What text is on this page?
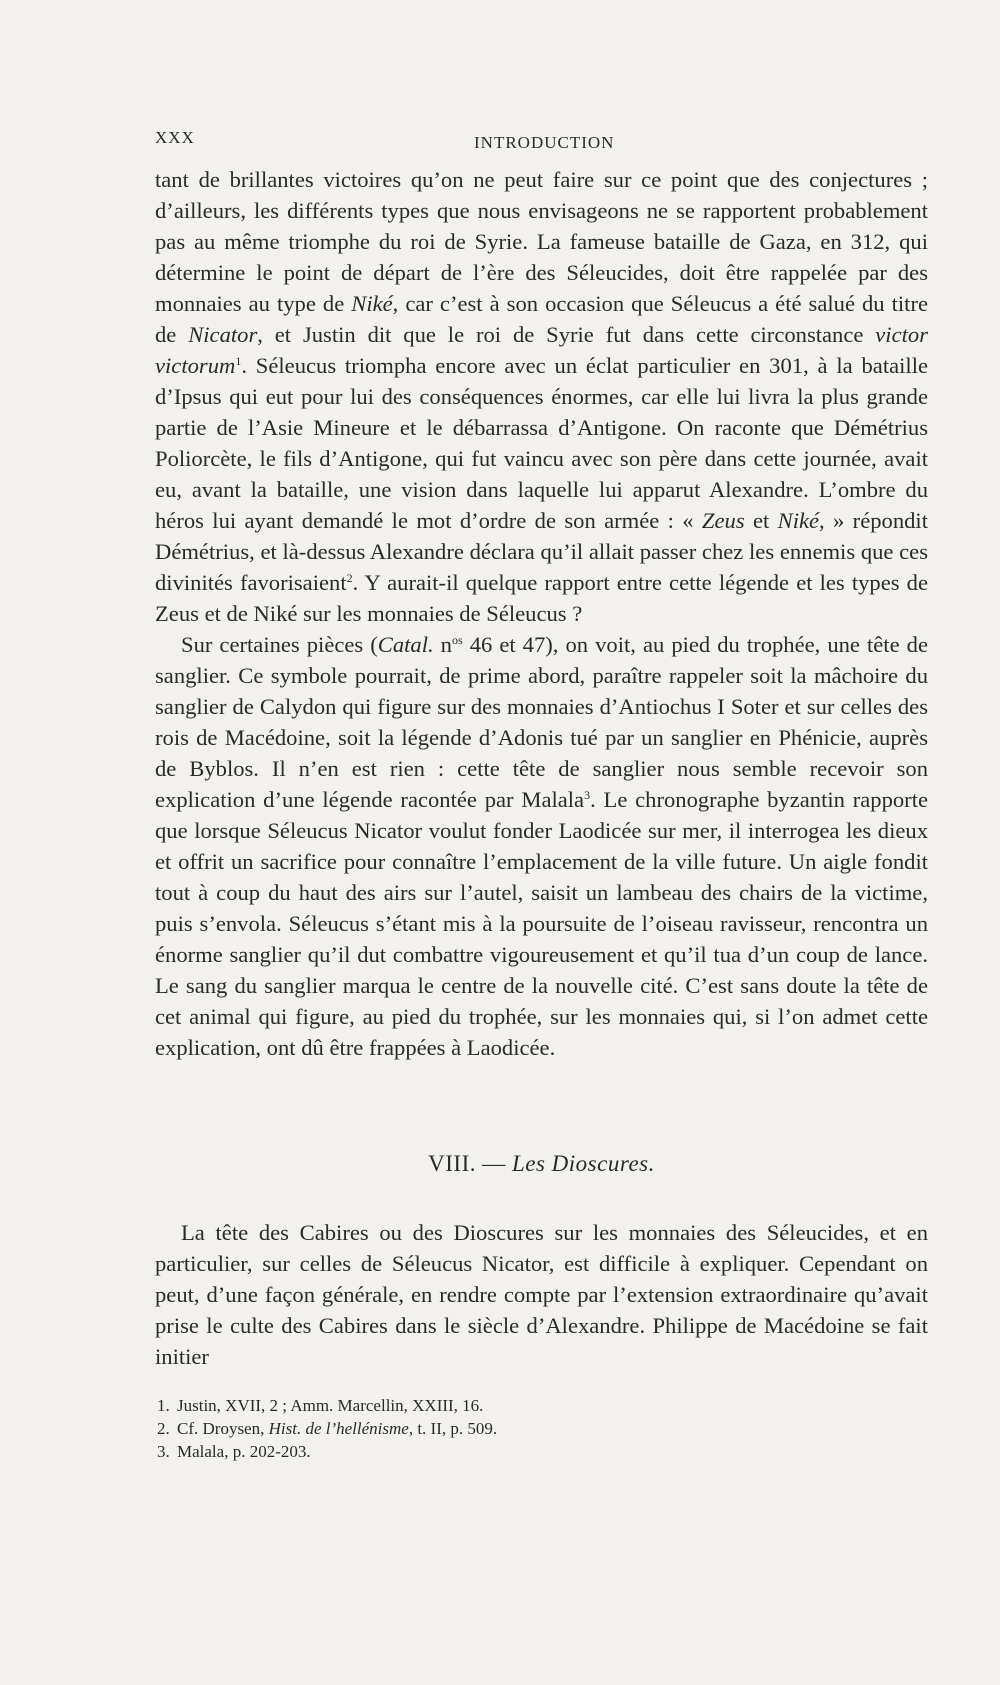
XXX	INTRODUCTION

tant de brillantes victoires qu’on ne peut faire sur ce point que des conjectures ; d’ailleurs, les différents types que nous envisageons ne se rapportent probablement pas au même triomphe du roi de Syrie. La fameuse bataille de Gaza, en 312, qui détermine le point de départ de l’ère des Séleucides, doit être rappelée par des monnaies au type de Niké, car c’est à son occasion que Séleucus a été salué du titre de Nicator, et Justin dit que le roi de Syrie fut dans cette circonstance victor victorum$^1$. Séleucus triompha encore avec un éclat particulier en 301, à la bataille d’Ipsus qui eut pour lui des conséquences énormes, car elle lui livra la plus grande partie de l’Asie Mineure et le débarrassa d’Antigone. On raconte que Démétrius Poliorcète, le fils d’Antigone, qui fut vaincu avec son père dans cette journée, avait eu, avant la bataille, une vision dans laquelle lui apparut Alexandre. L’ombre du héros lui ayant demandé le mot d’ordre de son armée : « Zeus et Niké, » répondit Démétrius, et là-dessus Alexandre déclara qu’il allait passer chez les ennemis que ces divinités favorisaient$^2$. Y aurait-il quelque rapport entre cette légende et les types de Zeus et de Niké sur les monnaies de Séleucus ?

Sur certaines pièces (Catal. $n^{os}$ 46 et 47), on voit, au pied du trophée, une tête de sanglier. Ce symbole pourrait, de prime abord, paraître rappeler soit la mâchoire du sanglier de Calydon qui figure sur des monnaies d’Antiochus I Soter et sur celles des rois de Macédoine, soit la légende d’Adonis tué par un sanglier en Phénicie, auprès de Byblos. Il n’en est rien : cette tête de sanglier nous semble recevoir son explication d’une légende racontée par Malala$^3$. Le chronographe byzantin rapporte que lorsque Séleucus Nicator voulut fonder Laodicée sur mer, il interrogea les dieux et offrit un sacrifice pour connaître l’emplacement de la ville future. Un aigle fondit tout à coup du haut des airs sur l’autel, saisit un lambeau des chairs de la victime, puis s’envola. Séleucus s’étant mis à la poursuite de l’oiseau ravisseur, rencontra un énorme sanglier qu’il dut combattre vigoureusement et qu’il tua d’un coup de lance. Le sang du sanglier marqua le centre de la nouvelle cité. C’est sans doute la tête de cet animal qui figure, au pied du trophée, sur les monnaies qui, si l’on admet cette explication, ont dû être frappées à Laodicée.

VIII. — Les Dioscures.

La tête des Cabires ou des Dioscures sur les monnaies des Séleucides, et en particulier, sur celles de Séleucus Nicator, est difficile à expliquer. Cependant on peut, d’une façon générale, en rendre compte par l’extension extraordinaire qu’avait prise le culte des Cabires dans le siècle d’Alexandre. Philippe de Macédoine se fait initier

1. Justin, XVII, 2 ; Amm. Marcellin, XXIII, 16.
2. Cf. Droysen, Hist. de l’hellénisme, t. II, p. 509.
3. Malala, p. 202-203.
